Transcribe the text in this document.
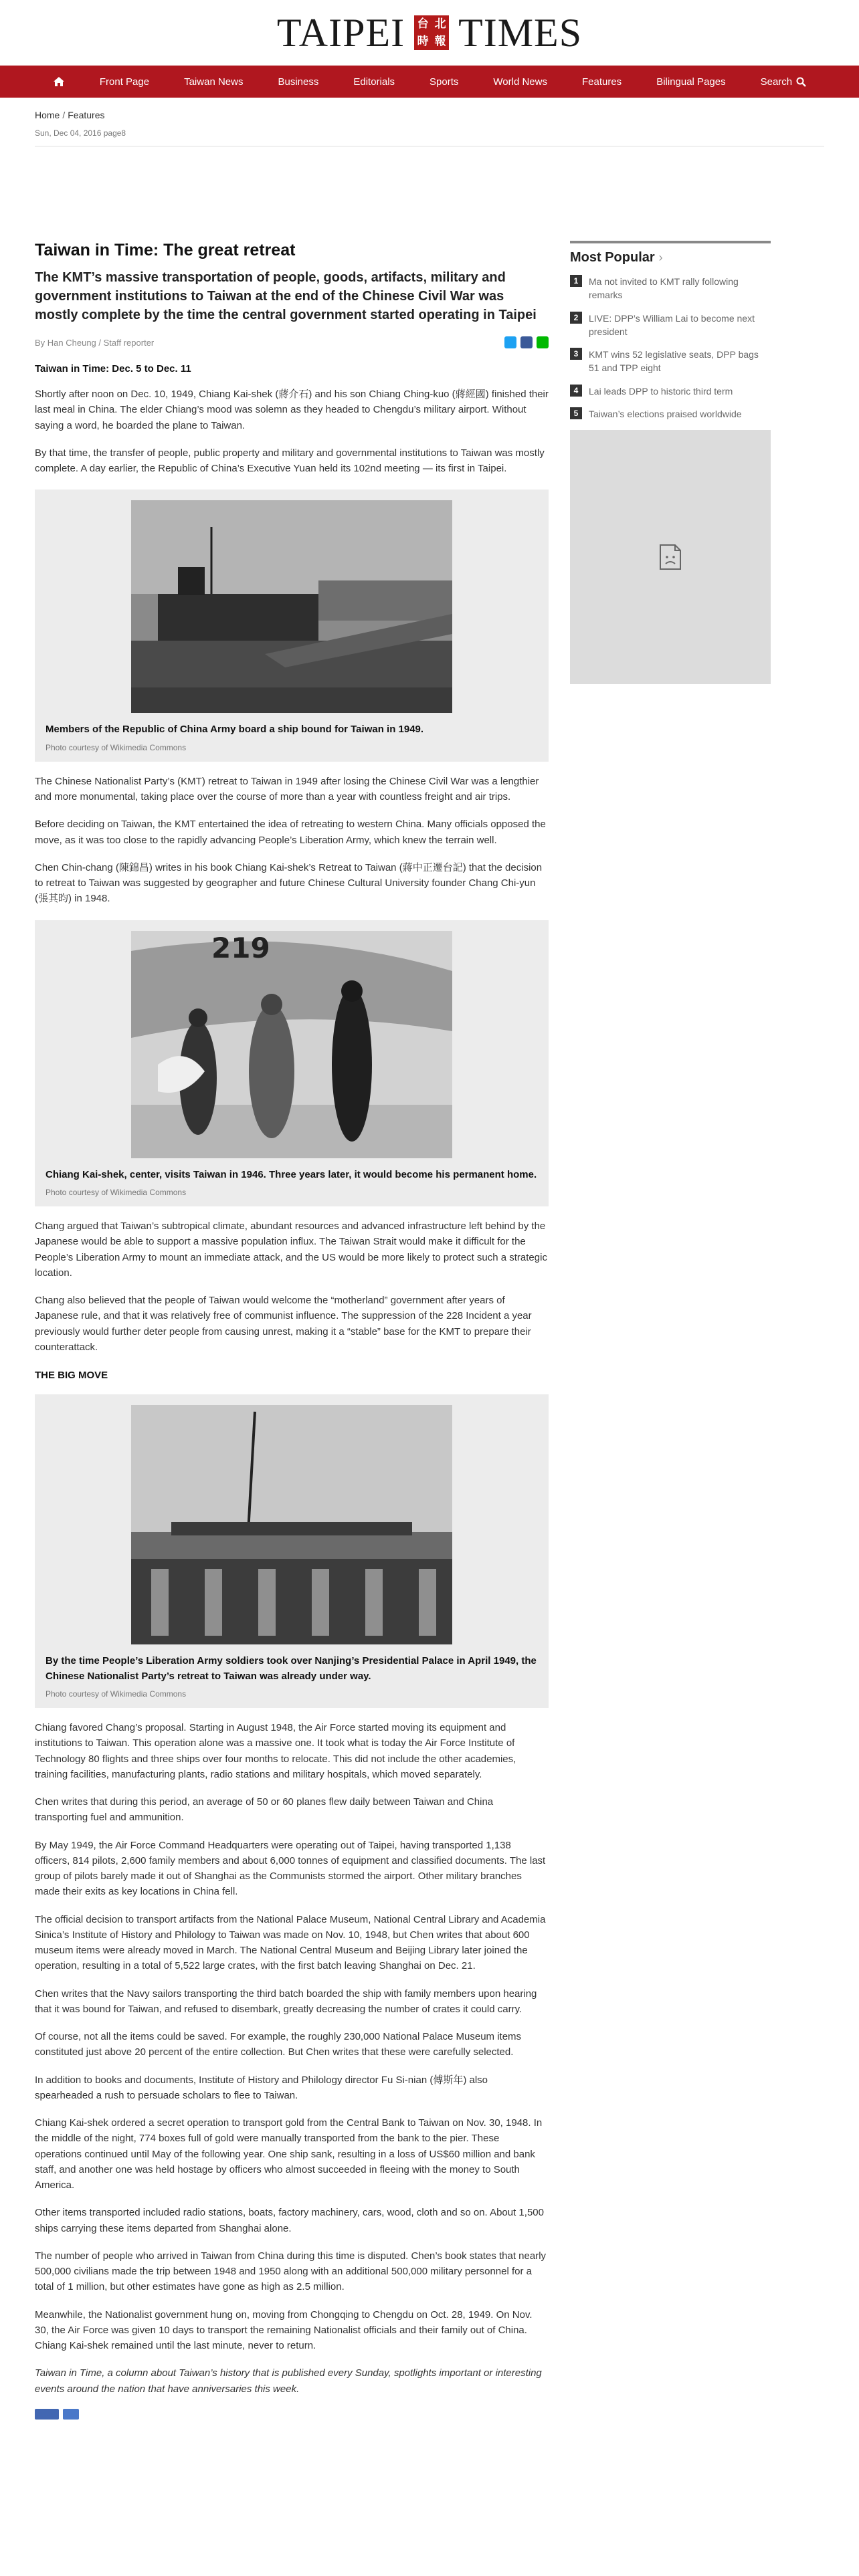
TAIPEI 台 北
時 報 TIMES
Front Page	Taiwan News	Business	Editorials	Sports	World News	Features	Bilingual Pages	Search
Home / Features
Sun, Dec 04, 2016 page8
Taiwan in Time: The great retreat
The KMT’s massive transportation of people, goods, artifacts, military and government institutions to Taiwan at the end of the Chinese Civil War was mostly complete by the time the central government started operating in Taipei
By Han Cheung / Staff reporter
Taiwan in Time: Dec. 5 to Dec. 11

Shortly after noon on Dec. 10, 1949, Chiang Kai-shek (蔣介石) and his son Chiang Ching-kuo (蔣經國) finished their last meal in China. The elder Chiang’s mood was solemn as they headed to Chengdu’s military airport. Without saying a word, he boarded the plane to Taiwan.

By that time, the transfer of people, public property and military and governmental institutions to Taiwan was mostly complete. A day earlier, the Republic of China’s Executive Yuan held its 102nd meeting — its first in Taipei.

Members of the Republic of China Army board a ship bound for Taiwan in 1949.
Photo courtesy of Wikimedia Commons

The Chinese Nationalist Party’s (KMT) retreat to Taiwan in 1949 after losing the Chinese Civil War was a lengthier and more monumental, taking place over the course of more than a year with countless freight and air trips.

Before deciding on Taiwan, the KMT entertained the idea of retreating to western China. Many officials opposed the move, as it was too close to the rapidly advancing People’s Liberation Army, which knew the terrain well.

Chen Chin-chang (陳錦昌) writes in his book Chiang Kai-shek’s Retreat to Taiwan (蔣中正遷台記) that the decision to retreat to Taiwan was suggested by geographer and future Chinese Cultural University founder Chang Chi-yun (張其昀) in 1948.

219
Chiang Kai-shek, center, visits Taiwan in 1946. Three years later, it would become his permanent home.
Photo courtesy of Wikimedia Commons

Chang argued that Taiwan’s subtropical climate, abundant resources and advanced infrastructure left behind by the Japanese would be able to support a massive population influx. The Taiwan Strait would make it difficult for the People’s Liberation Army to mount an immediate attack, and the US would be more likely to protect such a strategic location.

Chang also believed that the people of Taiwan would welcome the “motherland” government after years of Japanese rule, and that it was relatively free of communist influence. The suppression of the 228 Incident a year previously would further deter people from causing unrest, making it a “stable” base for the KMT to prepare their counterattack.

THE BIG MOVE
By the time People’s Liberation Army soldiers took over Nanjing’s Presidential Palace in April 1949, the Chinese Nationalist Party’s retreat to Taiwan was already under way.
Photo courtesy of Wikimedia Commons

Chiang favored Chang’s proposal. Starting in August 1948, the Air Force started moving its equipment and institutions to Taiwan. This operation alone was a massive one. It took what is today the Air Force Institute of Technology 80 flights and three ships over four months to relocate. This did not include the other academies, training facilities, manufacturing plants, radio stations and military hospitals, which moved separately.

Chen writes that during this period, an average of 50 or 60 planes flew daily between Taiwan and China transporting fuel and ammunition.

By May 1949, the Air Force Command Headquarters were operating out of Taipei, having transported 1,138 officers, 814 pilots, 2,600 family members and about 6,000 tonnes of equipment and classified documents. The last group of pilots barely made it out of Shanghai as the Communists stormed the airport. Other military branches made their exits as key locations in China fell.

The official decision to transport artifacts from the National Palace Museum, National Central Library and Academia Sinica’s Institute of History and Philology to Taiwan was made on Nov. 10, 1948, but Chen writes that about 600 museum items were already moved in March. The National Central Museum and Beijing Library later joined the operation, resulting in a total of 5,522 large crates, with the first batch leaving Shanghai on Dec. 21.

Chen writes that the Navy sailors transporting the third batch boarded the ship with family members upon hearing that it was bound for Taiwan, and refused to disembark, greatly decreasing the number of crates it could carry.

Of course, not all the items could be saved. For example, the roughly 230,000 National Palace Museum items constituted just above 20 percent of the entire collection. But Chen writes that these were carefully selected.

In addition to books and documents, Institute of History and Philology director Fu Si-nian (傅斯年) also spearheaded a rush to persuade scholars to flee to Taiwan.

Chiang Kai-shek ordered a secret operation to transport gold from the Central Bank to Taiwan on Nov. 30, 1948. In the middle of the night, 774 boxes full of gold were manually transported from the bank to the pier. These operations continued until May of the following year. One ship sank, resulting in a loss of US$60 million and bank staff, and another one was held hostage by officers who almost succeeded in fleeing with the money to South America.

Other items transported included radio stations, boats, factory machinery, cars, wood, cloth and so on. About 1,500 ships carrying these items departed from Shanghai alone.

The number of people who arrived in Taiwan from China during this time is disputed. Chen’s book states that nearly 500,000 civilians made the trip between 1948 and 1950 along with an additional 500,000 military personnel for a total of 1 million, but other estimates have gone as high as 2.5 million.

Meanwhile, the Nationalist government hung on, moving from Chongqing to Chengdu on Oct. 28, 1949. On Nov. 30, the Air Force was given 10 days to transport the remaining Nationalist officials and their family out of China. Chiang Kai-shek remained until the last minute, never to return.

Taiwan in Time, a column about Taiwan’s history that is published every Sunday, spotlights important or interesting events around the nation that have anniversaries this week.

Most Popular ›
1	Ma not invited to KMT rally following remarks
2	LIVE: DPP’s William Lai to become next president
3	KMT wins 52 legislative seats, DPP bags 51 and TPP eight
4	Lai leads DPP to historic third term
5	Taiwan’s elections praised worldwide
